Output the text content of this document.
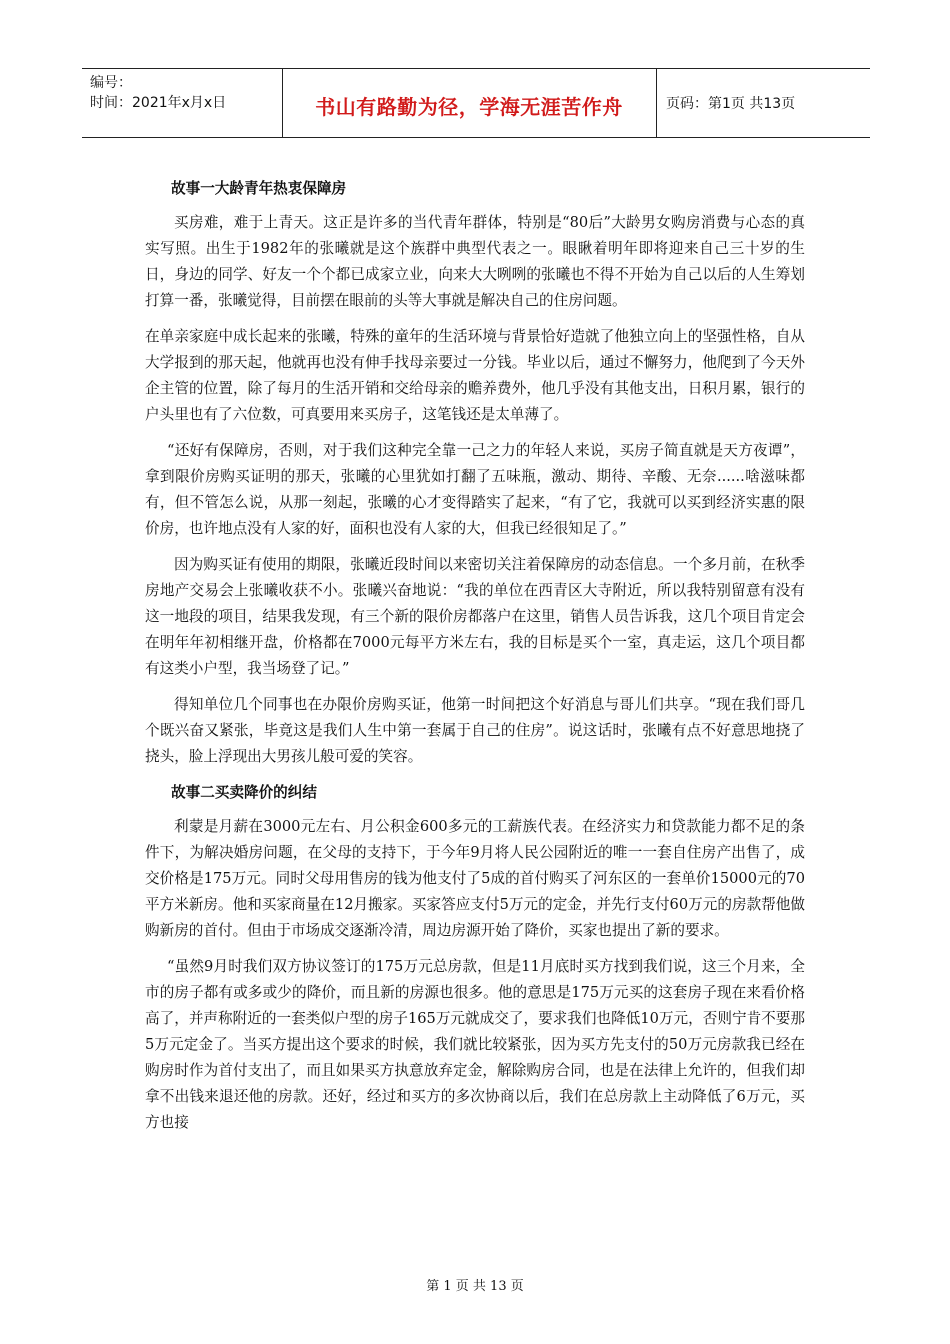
编号：
时间：2021年x月x日	书山有路勤为径，学海无涯苦作舟	页码：第1页 共13页
故事一大龄青年热衷保障房

买房难，难于上青天。这正是许多的当代青年群体，特别是“80后”大龄男女购房消费与心态的真实写照。出生于1982年的张曦就是这个族群中典型代表之一。眼瞅着明年即将迎来自己三十岁的生日，身边的同学、好友一个个都已成家立业，向来大大咧咧的张曦也不得不开始为自己以后的人生筹划打算一番，张曦觉得，目前摆在眼前的头等大事就是解决自己的住房问题。

在单亲家庭中成长起来的张曦，特殊的童年的生活环境与背景恰好造就了他独立向上的坚强性格，自从大学报到的那天起，他就再也没有伸手找母亲要过一分钱。毕业以后，通过不懈努力，他爬到了今天外企主管的位置，除了每月的生活开销和交给母亲的赡养费外，他几乎没有其他支出，日积月累，银行的户头里也有了六位数，可真要用来买房子，这笔钱还是太单薄了。

“还好有保障房，否则，对于我们这种完全靠一己之力的年轻人来说，买房子简直就是天方夜谭”，拿到限价房购买证明的那天，张曦的心里犹如打翻了五味瓶，激动、期待、辛酸、无奈......啥滋味都有，但不管怎么说，从那一刻起，张曦的心才变得踏实了起来，“有了它，我就可以买到经济实惠的限价房，也许地点没有人家的好，面积也没有人家的大，但我已经很知足了。”

因为购买证有使用的期限，张曦近段时间以来密切关注着保障房的动态信息。一个多月前，在秋季房地产交易会上张曦收获不小。张曦兴奋地说：“我的单位在西青区大寺附近，所以我特别留意有没有这一地段的项目，结果我发现，有三个新的限价房都落户在这里，销售人员告诉我，这几个项目肯定会在明年年初相继开盘，价格都在7000元每平方米左右，我的目标是买个一室，真走运，这几个项目都有这类小户型，我当场登了记。”

得知单位几个同事也在办限价房购买证，他第一时间把这个好消息与哥儿们共享。“现在我们哥几个既兴奋又紧张，毕竟这是我们人生中第一套属于自己的住房”。说这话时，张曦有点不好意思地挠了挠头，脸上浮现出大男孩儿般可爱的笑容。

故事二买卖降价的纠结

利蒙是月薪在3000元左右、月公积金600多元的工薪族代表。在经济实力和贷款能力都不足的条件下，为解决婚房问题，在父母的支持下，于今年9月将人民公园附近的唯一一套自住房产出售了，成交价格是175万元。同时父母用售房的钱为他支付了5成的首付购买了河东区的一套单价15000元的70平方米新房。他和买家商量在12月搬家。买家答应支付5万元的定金，并先行支付60万元的房款帮他做购新房的首付。但由于市场成交逐渐冷清，周边房源开始了降价，买家也提出了新的要求。

“虽然9月时我们双方协议签订的175万元总房款，但是11月底时买方找到我们说，这三个月来，全市的房子都有或多或少的降价，而且新的房源也很多。他的意思是175万元买的这套房子现在来看价格高了，并声称附近的一套类似户型的房子165万元就成交了，要求我们也降低10万元，否则宁肯不要那5万元定金了。当买方提出这个要求的时候，我们就比较紧张，因为买方先支付的50万元房款我已经在购房时作为首付支出了，而且如果买方执意放弃定金，解除购房合同，也是在法律上允许的，但我们却拿不出钱来退还他的房款。还好，经过和买方的多次协商以后，我们在总房款上主动降低了6万元，买方也接

第 1 页 共 13 页
